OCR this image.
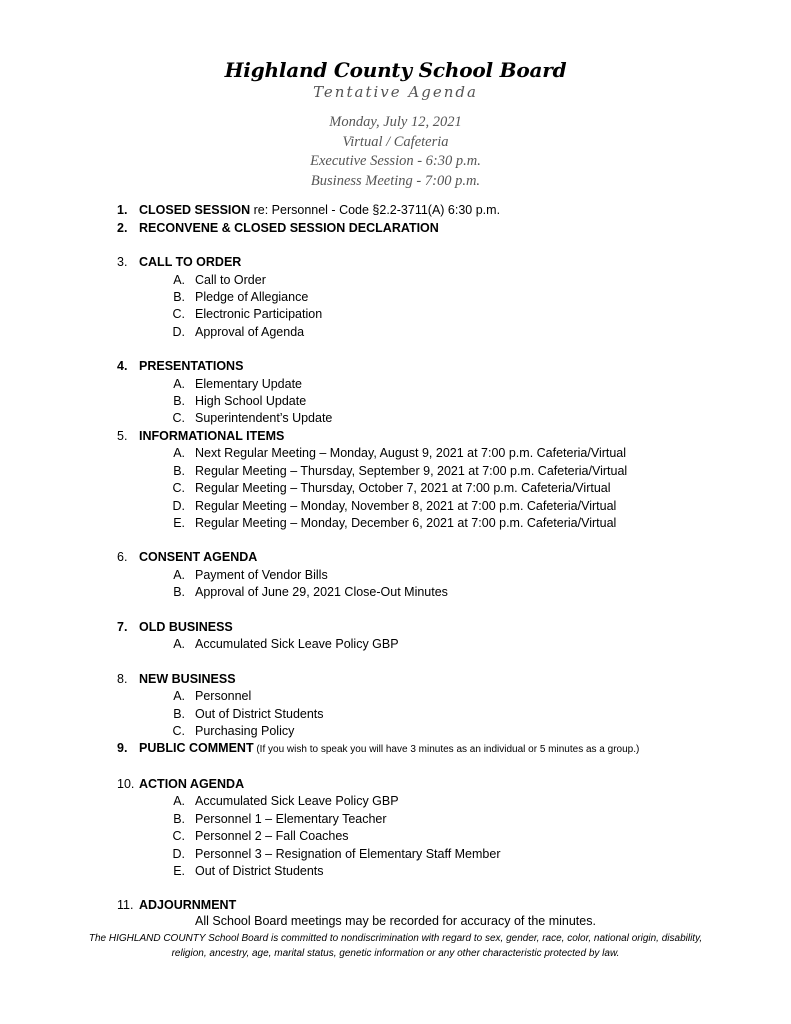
Highland County School Board
Tentative Agenda
Monday, July 12, 2021
Virtual / Cafeteria
Executive Session - 6:30 p.m.
Business Meeting - 7:00 p.m.
1. CLOSED SESSION re: Personnel - Code §2.2-3711(A) 6:30 p.m.
2. RECONVENE & CLOSED SESSION DECLARATION
3. CALL TO ORDER
A. Call to Order
B. Pledge of Allegiance
C. Electronic Participation
D. Approval of Agenda
4. PRESENTATIONS
A. Elementary Update
B. High School Update
C. Superintendent’s Update
5. INFORMATIONAL ITEMS
A. Next Regular Meeting – Monday, August 9, 2021 at 7:00 p.m. Cafeteria/Virtual
B. Regular Meeting – Thursday, September 9, 2021 at 7:00 p.m. Cafeteria/Virtual
C. Regular Meeting – Thursday, October 7, 2021 at 7:00 p.m. Cafeteria/Virtual
D. Regular Meeting – Monday, November 8, 2021 at 7:00 p.m. Cafeteria/Virtual
E. Regular Meeting – Monday, December 6, 2021 at 7:00 p.m. Cafeteria/Virtual
6. CONSENT AGENDA
A. Payment of Vendor Bills
B. Approval of June 29, 2021 Close-Out Minutes
7. OLD BUSINESS
A. Accumulated Sick Leave Policy GBP
8. NEW BUSINESS
A. Personnel
B. Out of District Students
C. Purchasing Policy
9. PUBLIC COMMENT (If you wish to speak you will have 3 minutes as an individual or 5 minutes as a group.)
10. ACTION AGENDA
A. Accumulated Sick Leave Policy GBP
B. Personnel 1 – Elementary Teacher
C. Personnel 2 – Fall Coaches
D. Personnel 3 – Resignation of Elementary Staff Member
E. Out of District Students
11. ADJOURNMENT
All School Board meetings may be recorded for accuracy of the minutes.
The HIGHLAND COUNTY School Board is committed to nondiscrimination with regard to sex, gender, race, color, national origin, disability, religion, ancestry, age, marital status, genetic information or any other characteristic protected by law.
